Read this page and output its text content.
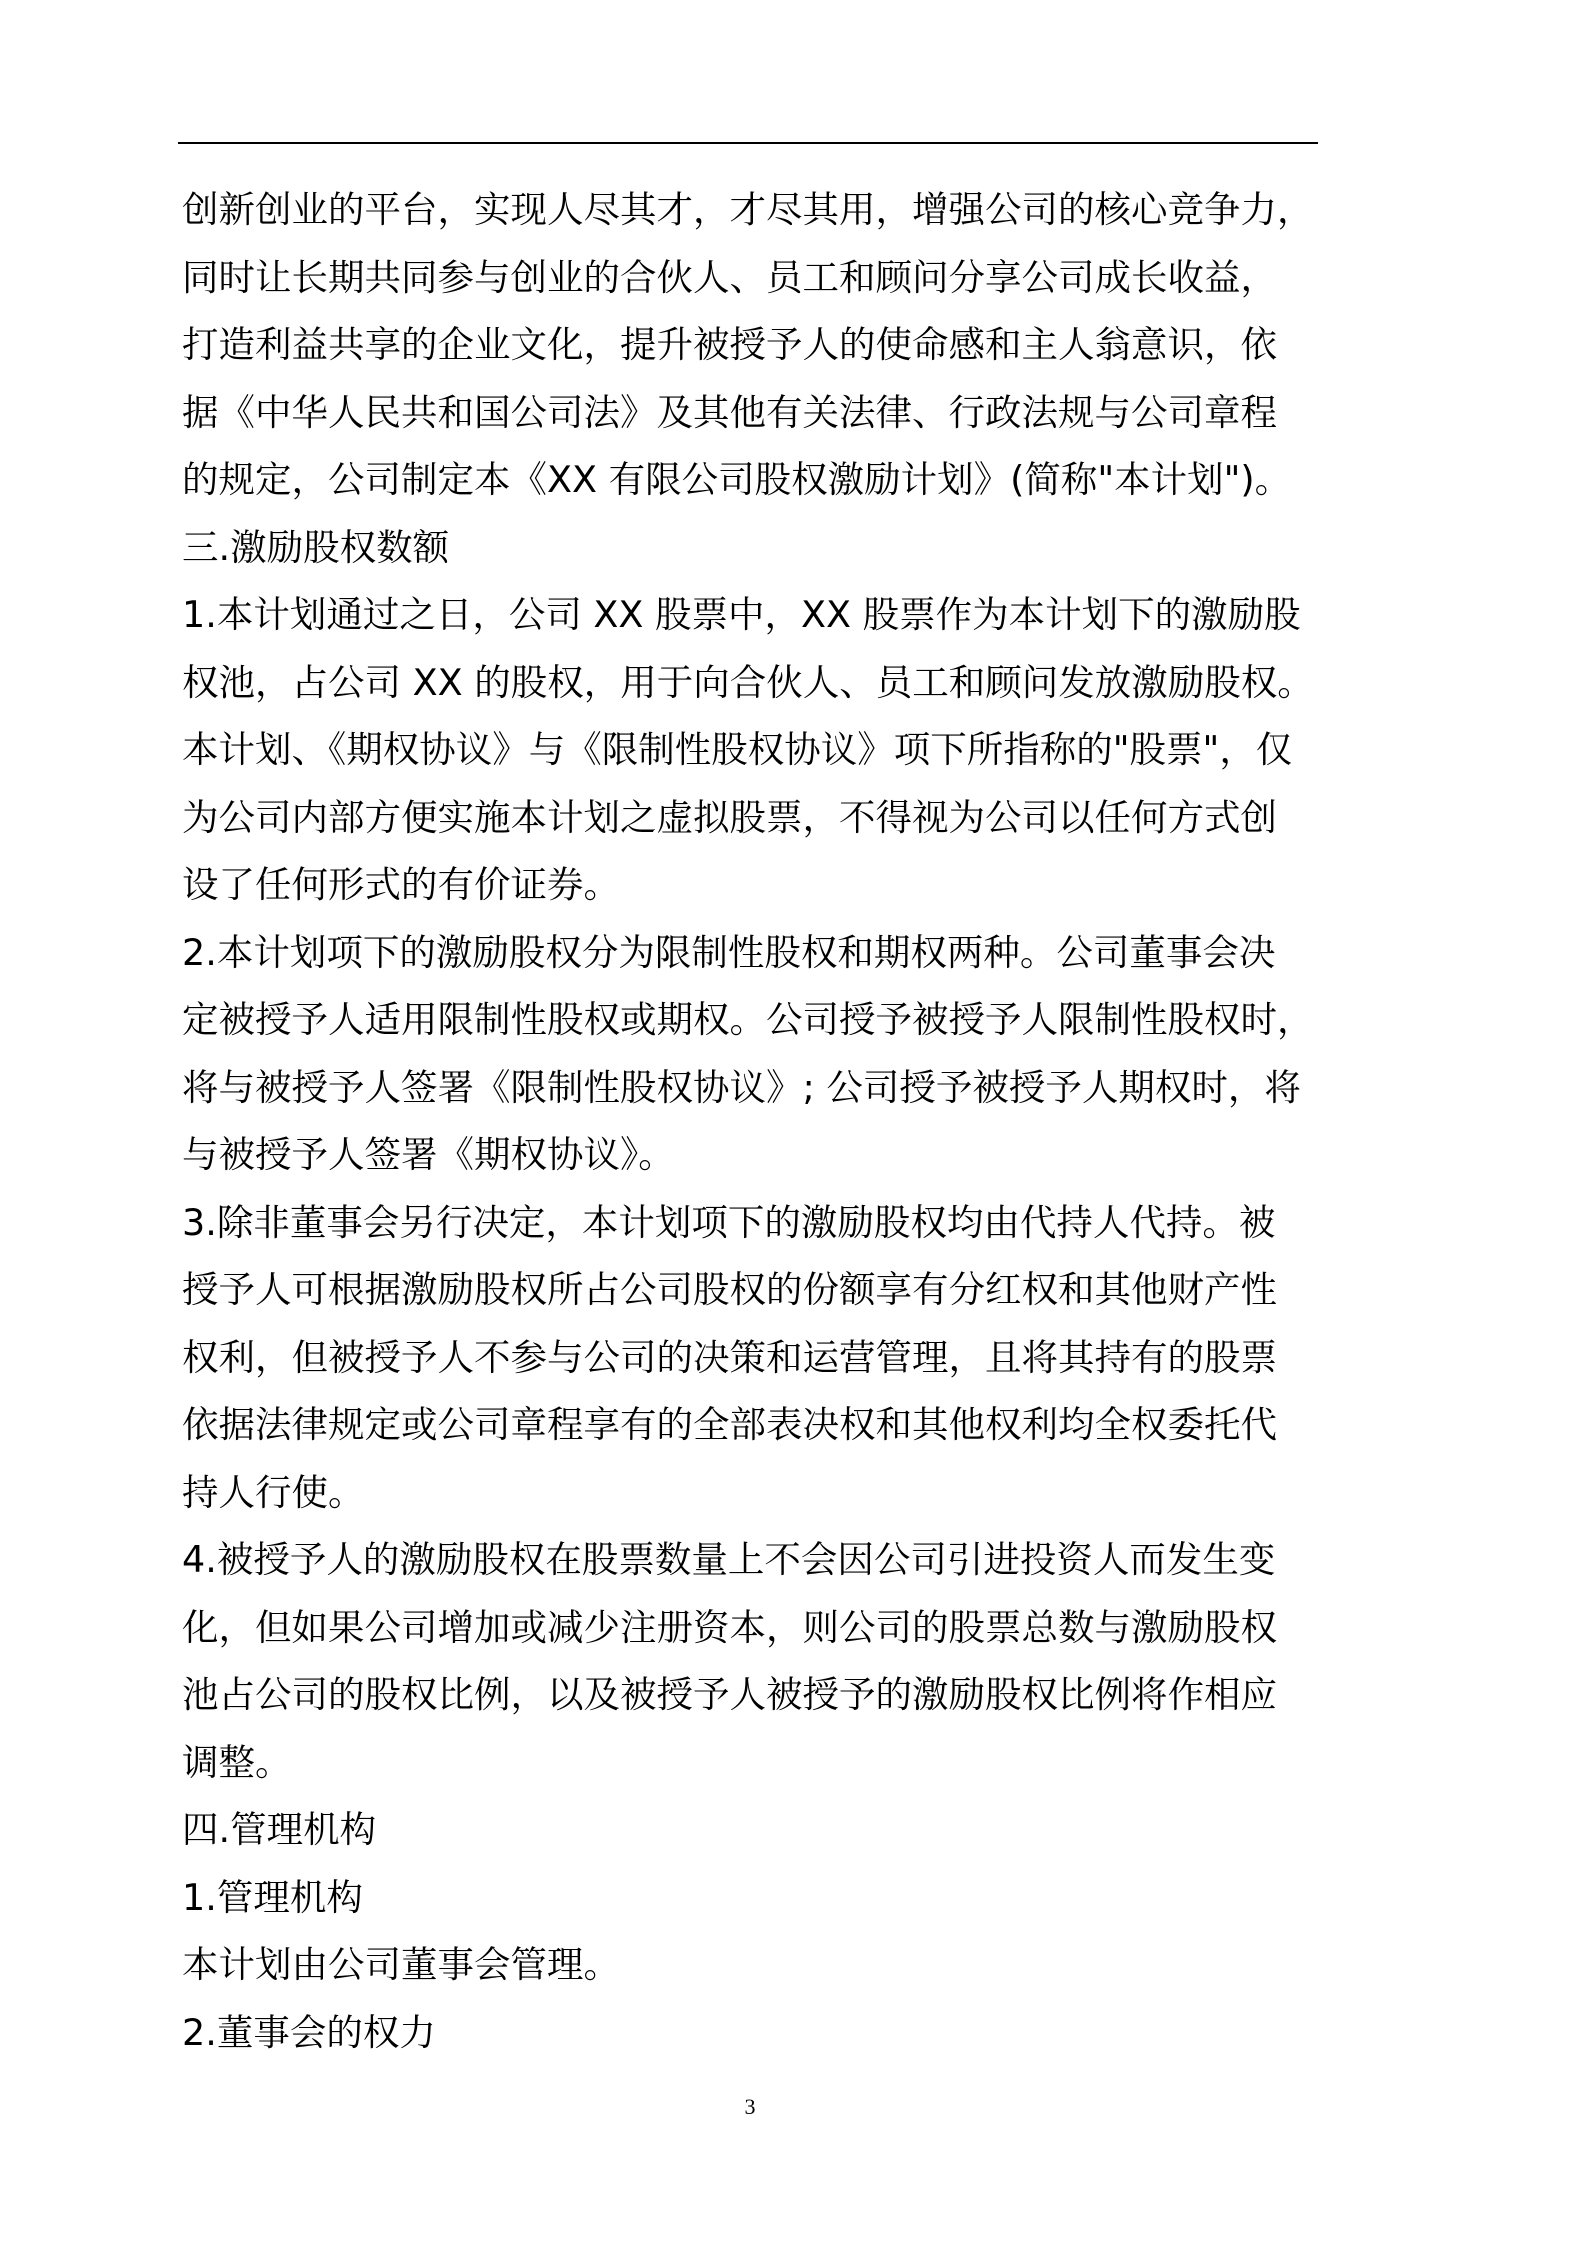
创新创业的平台，实现人尽其才，才尽其用，增强公司的核心竞争力，
同时让长期共同参与创业的合伙人、员工和顾问分享公司成长收益，
打造利益共享的企业文化，提升被授予人的使命感和主人翁意识，依
据《中华人民共和国公司法》及其他有关法律、行政法规与公司章程
的规定，公司制定本《XX 有限公司股权激励计划》(简称"本计划")。
三.激励股权数额
1.本计划通过之日，公司 XX 股票中，XX 股票作为本计划下的激励股
权池，占公司 XX 的股权，用于向合伙人、员工和顾问发放激励股权。
本计划、《期权协议》与《限制性股权协议》项下所指称的"股票"，仅
为公司内部方便实施本计划之虚拟股票，不得视为公司以任何方式创
设了任何形式的有价证券。
2.本计划项下的激励股权分为限制性股权和期权两种。公司董事会决
定被授予人适用限制性股权或期权。公司授予被授予人限制性股权时，
将与被授予人签署《限制性股权协议》; 公司授予被授予人期权时，将
与被授予人签署《期权协议》。
3.除非董事会另行决定，本计划项下的激励股权均由代持人代持。被
授予人可根据激励股权所占公司股权的份额享有分红权和其他财产性
权利，但被授予人不参与公司的决策和运营管理，且将其持有的股票
依据法律规定或公司章程享有的全部表决权和其他权利均全权委托代
持人行使。
4.被授予人的激励股权在股票数量上不会因公司引进投资人而发生变
化，但如果公司增加或减少注册资本，则公司的股票总数与激励股权
池占公司的股权比例，以及被授予人被授予的激励股权比例将作相应
调整。
四.管理机构
1.管理机构
本计划由公司董事会管理。
2.董事会的权力
3
